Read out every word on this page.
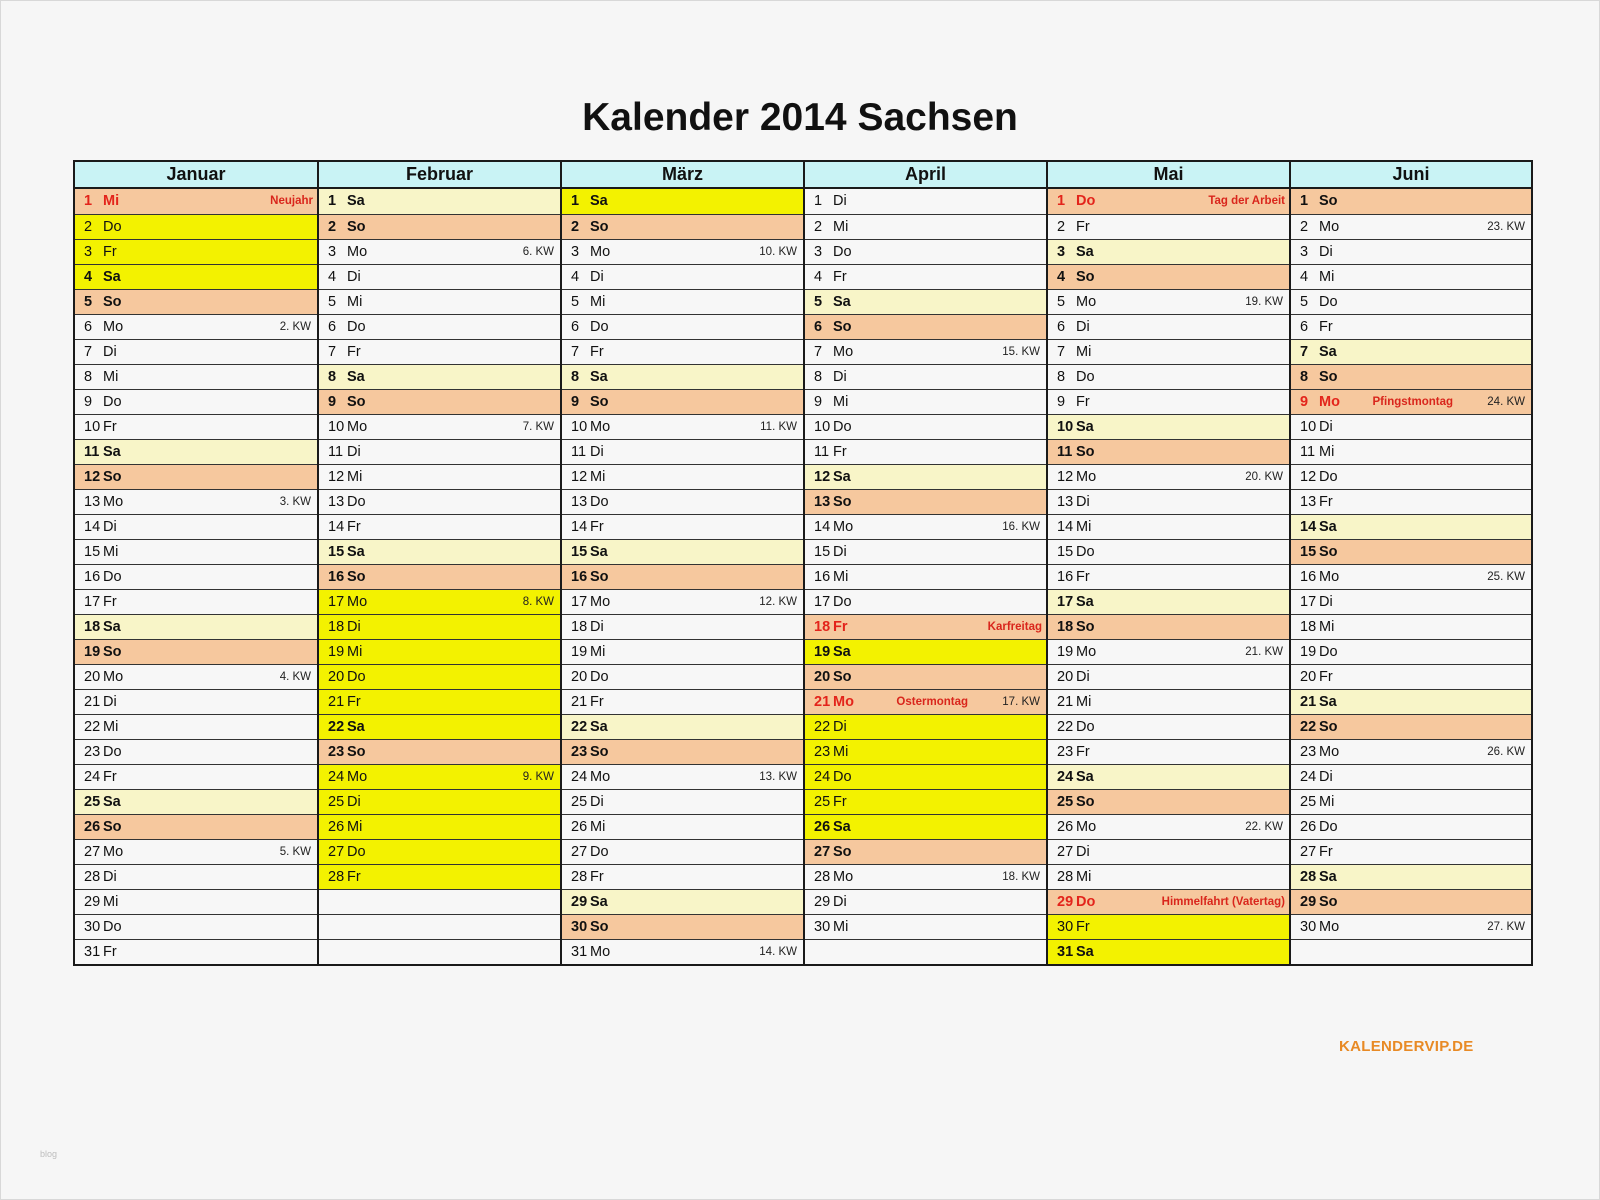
Kalender 2014 Sachsen
Januar
1 Mi	Neujahr
2 Do
3 Fr
4 Sa
5 So
6 Mo	2. KW
7 Di
8 Mi
9 Do
10 Fr
11 Sa
12 So
13 Mo	3. KW
14 Di
15 Mi
16 Do
17 Fr
18 Sa
19 So
20 Mo	4. KW
21 Di
22 Mi
23 Do
24 Fr
25 Sa
26 So
27 Mo	5. KW
28 Di
29 Mi
30 Do
31 Fr
Februar
1 Sa
2 So
3 Mo	6. KW
4 Di
5 Mi
6 Do
7 Fr
8 Sa
9 So
10 Mo	7. KW
11 Di
12 Mi
13 Do
14 Fr
15 Sa
16 So
17 Mo	8. KW
18 Di
19 Mi
20 Do
21 Fr
22 Sa
23 So
24 Mo	9. KW
25 Di
26 Mi
27 Do
28 Fr
März
1 Sa
2 So
3 Mo	10. KW
4 Di
5 Mi
6 Do
7 Fr
8 Sa
9 So
10 Mo	11. KW
11 Di
12 Mi
13 Do
14 Fr
15 Sa
16 So
17 Mo	12. KW
18 Di
19 Mi
20 Do
21 Fr
22 Sa
23 So
24 Mo	13. KW
25 Di
26 Mi
27 Do
28 Fr
29 Sa
30 So
31 Mo	14. KW
April
1 Di
2 Mi
3 Do
4 Fr
5 Sa
6 So
7 Mo	15. KW
8 Di
9 Mi
10 Do
11 Fr
12 Sa
13 So
14 Mo	16. KW
15 Di
16 Mi
17 Do
18 Fr	Karfreitag
19 Sa
20 So
21 Mo	Ostermontag	17. KW
22 Di
23 Mi
24 Do
25 Fr
26 Sa
27 So
28 Mo	18. KW
29 Di
30 Mi
Mai
1 Do	Tag der Arbeit
2 Fr
3 Sa
4 So
5 Mo	19. KW
6 Di
7 Mi
8 Do
9 Fr
10 Sa
11 So
12 Mo	20. KW
13 Di
14 Mi
15 Do
16 Fr
17 Sa
18 So
19 Mo	21. KW
20 Di
21 Mi
22 Do
23 Fr
24 Sa
25 So
26 Mo	22. KW
27 Di
28 Mi
29 Do	Himmelfahrt (Vatertag)
30 Fr
31 Sa
Juni
1 So
2 Mo	23. KW
3 Di
4 Mi
5 Do
6 Fr
7 Sa
8 So
9 Mo	Pfingstmontag	24. KW
10 Di
11 Mi
12 Do
13 Fr
14 Sa
15 So
16 Mo	25. KW
17 Di
18 Mi
19 Do
20 Fr
21 Sa
22 So
23 Mo	26. KW
24 Di
25 Mi
26 Do
27 Fr
28 Sa
29 So
30 Mo	27. KW
KALENDERVIP.DE
blog
